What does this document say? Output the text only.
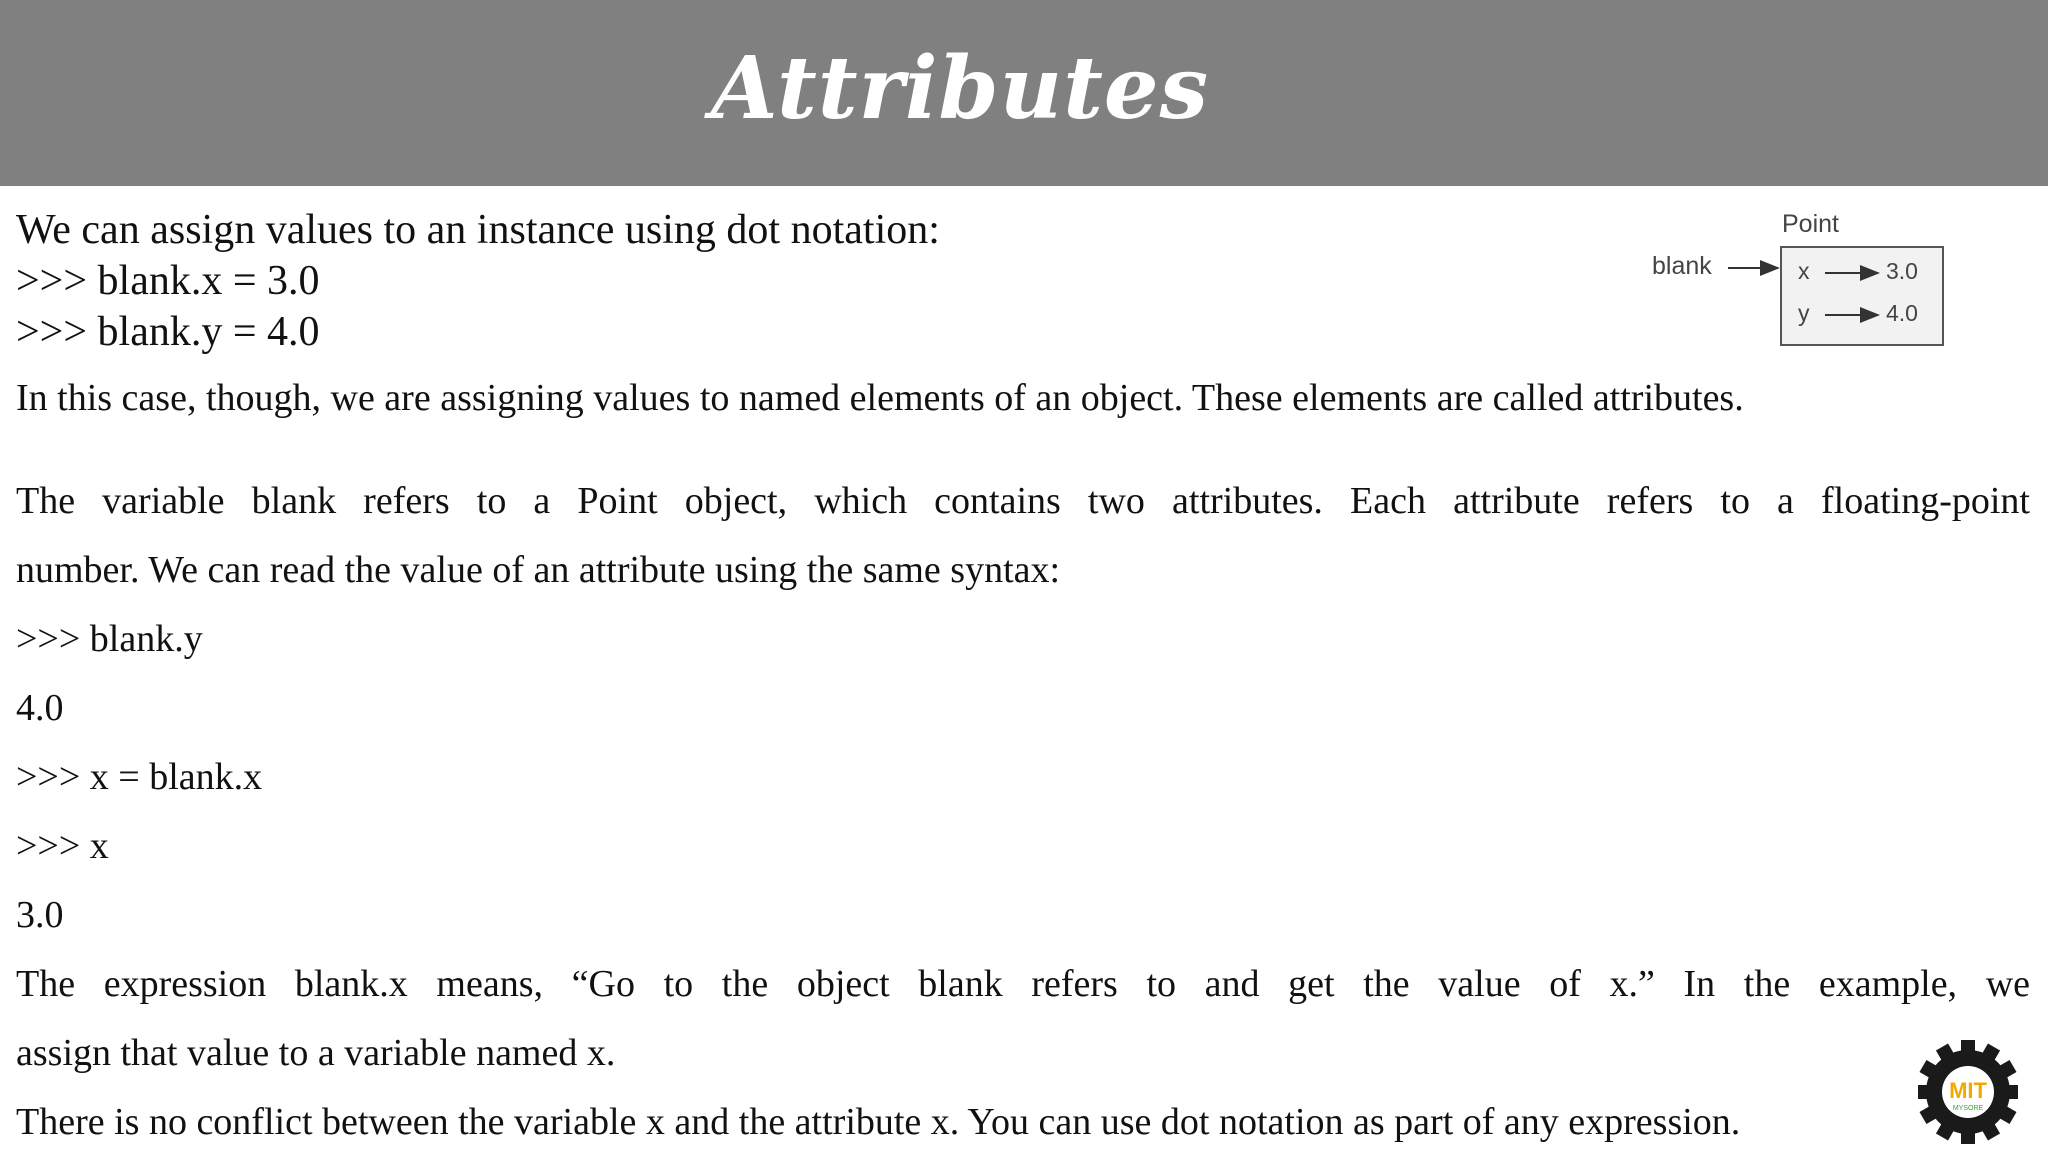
Attributes
We can assign values to an instance using dot notation:
>>> blank.x = 3.0
>>> blank.y = 4.0
Point
blank	x	3.0
y	4.0
In this case, though, we are assigning values to named elements of an object. These elements are called attributes.
The variable blank refers to a Point object, which contains two attributes. Each attribute refers to a floating-point
number. We can read the value of an attribute using the same syntax:
>>> blank.y
4.0
>>> x = blank.x
>>> x
3.0
The expression blank.x means, “Go to the object blank refers to and get the value of x.” In the example, we
assign that value to a variable named x.
There is no conflict between the variable x and the attribute x. You can use dot notation as part of any expression.
MIT
MYSORE
